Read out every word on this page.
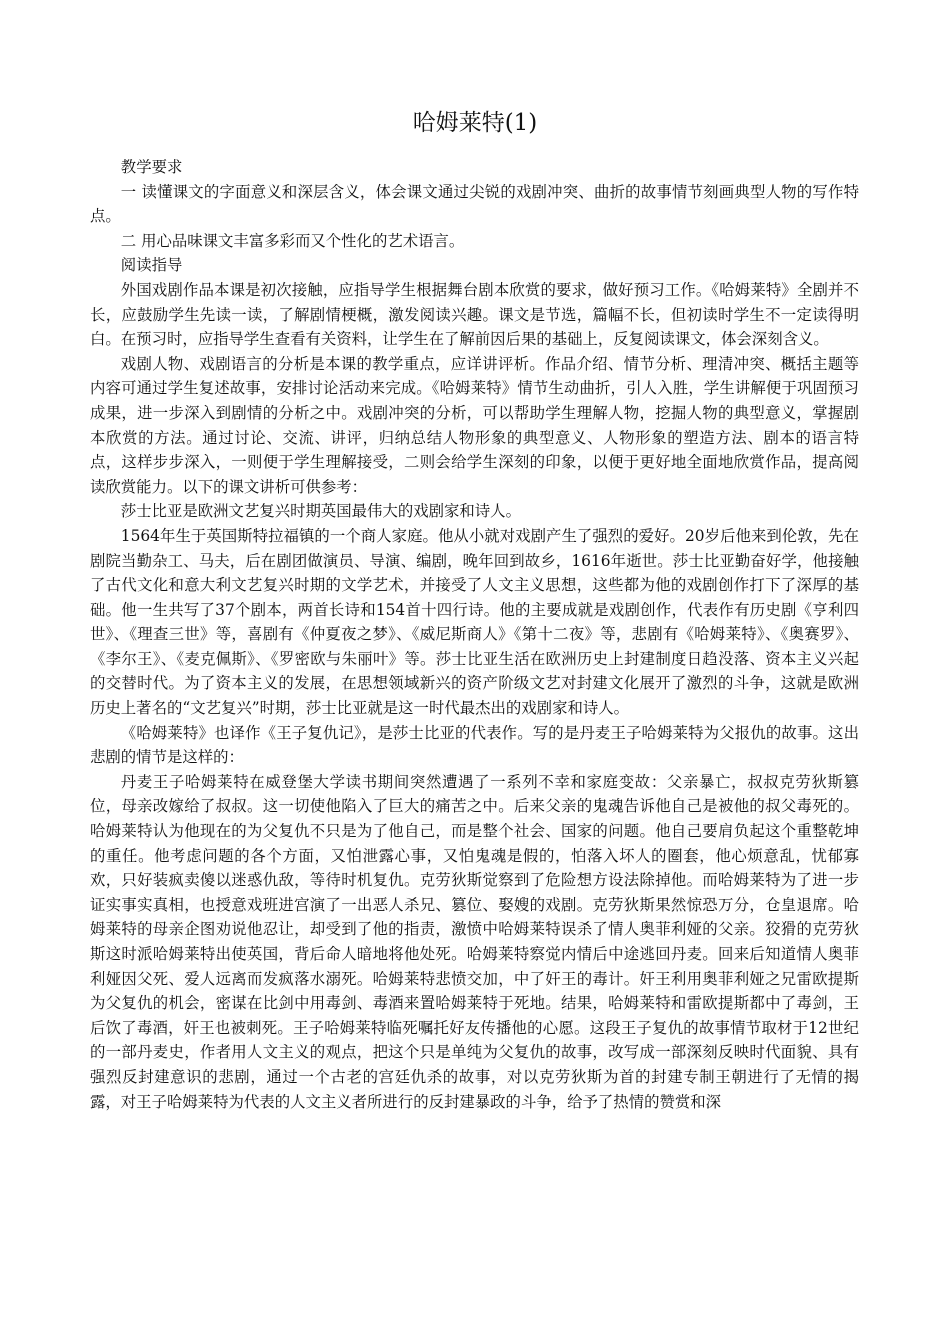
哈姆莱特(1)

教学要求

一 读懂课文的字面意义和深层含义，体会课文通过尖锐的戏剧冲突、曲折的故事情节刻画典型人物的写作特点。

二 用心品味课文丰富多彩而又个性化的艺术语言。

阅读指导

外国戏剧作品本课是初次接触，应指导学生根据舞台剧本欣赏的要求，做好预习工作。《哈姆莱特》全剧并不长，应鼓励学生先读一读，了解剧情梗概，激发阅读兴趣。课文是节选，篇幅不长，但初读时学生不一定读得明白。在预习时，应指导学生查看有关资料，让学生在了解前因后果的基础上，反复阅读课文，体会深刻含义。

戏剧人物、戏剧语言的分析是本课的教学重点，应详讲评析。作品介绍、情节分析、理清冲突、概括主题等内容可通过学生复述故事，安排讨论活动来完成。《哈姆莱特》情节生动曲折，引人入胜，学生讲解便于巩固预习成果，进一步深入到剧情的分析之中。戏剧冲突的分析，可以帮助学生理解人物，挖掘人物的典型意义，掌握剧本欣赏的方法。通过讨论、交流、讲评，归纳总结人物形象的典型意义、人物形象的塑造方法、剧本的语言特点，这样步步深入，一则便于学生理解接受，二则会给学生深刻的印象，以便于更好地全面地欣赏作品，提高阅读欣赏能力。以下的课文讲析可供参考：

莎士比亚是欧洲文艺复兴时期英国最伟大的戏剧家和诗人。

1564年生于英国斯特拉福镇的一个商人家庭。他从小就对戏剧产生了强烈的爱好。20岁后他来到伦敦，先在剧院当勤杂工、马夫，后在剧团做演员、导演、编剧，晚年回到故乡，1616年逝世。莎士比亚勤奋好学，他接触了古代文化和意大利文艺复兴时期的文学艺术，并接受了人文主义思想，这些都为他的戏剧创作打下了深厚的基础。他一生共写了37个剧本，两首长诗和154首十四行诗。他的主要成就是戏剧创作，代表作有历史剧《亨利四世》、《理查三世》等，喜剧有《仲夏夜之梦》、《威尼斯商人》《第十二夜》等，悲剧有《哈姆莱特》、《奥赛罗》、《李尔王》、《麦克佩斯》、《罗密欧与朱丽叶》等。莎士比亚生活在欧洲历史上封建制度日趋没落、资本主义兴起的交替时代。为了资本主义的发展，在思想领域新兴的资产阶级文艺对封建文化展开了激烈的斗争，这就是欧洲历史上著名的“文艺复兴”时期，莎士比亚就是这一时代最杰出的戏剧家和诗人。

《哈姆莱特》也译作《王子复仇记》，是莎士比亚的代表作。写的是丹麦王子哈姆莱特为父报仇的故事。这出悲剧的情节是这样的：

丹麦王子哈姆莱特在威登堡大学读书期间突然遭遇了一系列不幸和家庭变故：父亲暴亡，叔叔克劳狄斯篡位，母亲改嫁给了叔叔。这一切使他陷入了巨大的痛苦之中。后来父亲的鬼魂告诉他自己是被他的叔父毒死的。哈姆莱特认为他现在的为父复仇不只是为了他自己，而是整个社会、国家的问题。他自己要肩负起这个重整乾坤的重任。他考虑问题的各个方面，又怕泄露心事，又怕鬼魂是假的，怕落入坏人的圈套，他心烦意乱，忧郁寡欢，只好装疯卖傻以迷惑仇敌，等待时机复仇。克劳狄斯觉察到了危险想方设法除掉他。而哈姆莱特为了进一步证实事实真相，也授意戏班进宫演了一出恶人杀兄、篡位、娶嫂的戏剧。克劳狄斯果然惊恐万分，仓皇退席。哈姆莱特的母亲企图劝说他忍让，却受到了他的指责，激愤中哈姆莱特误杀了情人奥菲利娅的父亲。狡猾的克劳狄斯这时派哈姆莱特出使英国，背后命人暗地将他处死。哈姆莱特察觉内情后中途逃回丹麦。回来后知道情人奥菲利娅因父死、爱人远离而发疯落水溺死。哈姆莱特悲愤交加，中了奸王的毒计。奸王利用奥菲利娅之兄雷欧提斯为父复仇的机会，密谋在比剑中用毒剑、毒酒来置哈姆莱特于死地。结果，哈姆莱特和雷欧提斯都中了毒剑，王后饮了毒酒，奸王也被刺死。王子哈姆莱特临死嘱托好友传播他的心愿。这段王子复仇的故事情节取材于12世纪的一部丹麦史，作者用人文主义的观点，把这个只是单纯为父复仇的故事，改写成一部深刻反映时代面貌、具有强烈反封建意识的悲剧，通过一个古老的宫廷仇杀的故事，对以克劳狄斯为首的封建专制王朝进行了无情的揭露，对王子哈姆莱特为代表的人文主义者所进行的反封建暴政的斗争，给予了热情的赞赏和深
